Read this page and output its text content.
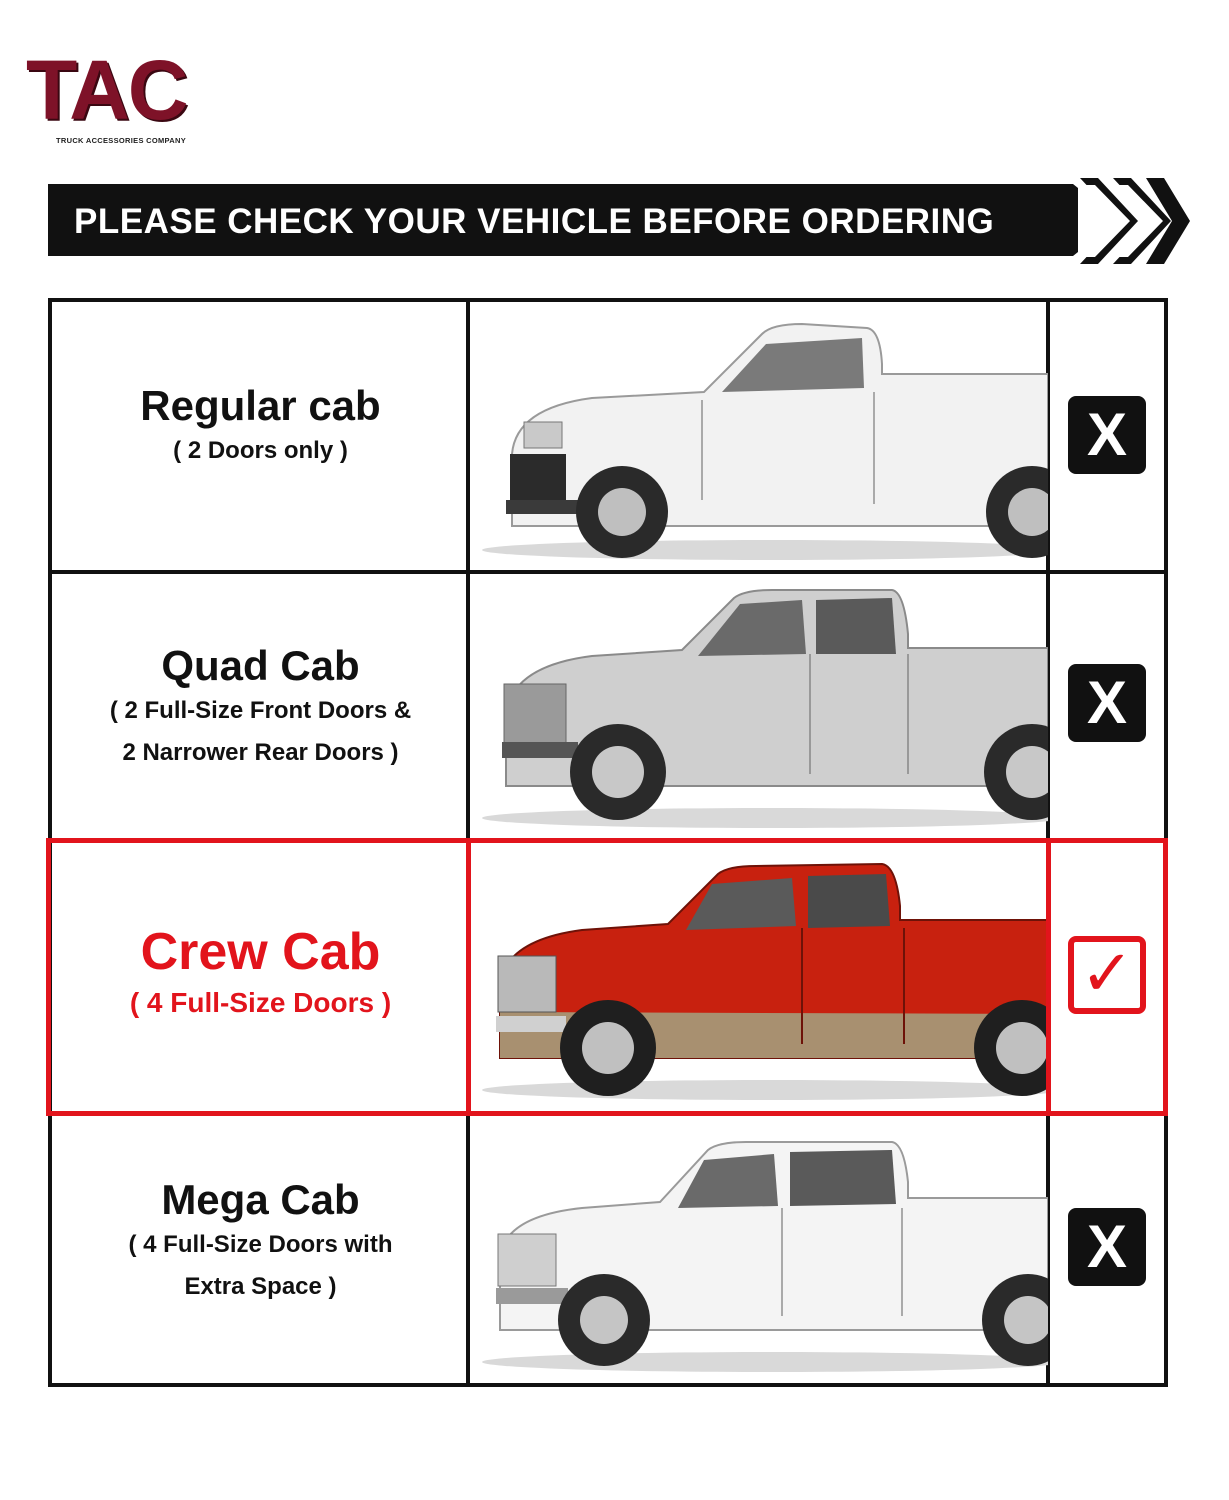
TAC
TRUCK ACCESSORIES COMPANY
PLEASE CHECK YOUR VEHICLE BEFORE ORDERING
Regular cab
( 2 Doors only )	X
Quad Cab
( 2 Full-Size Front Doors &
2 Narrower Rear Doors )
X
Crew Cab
( 4 Full-Size Doors )	✓
Mega Cab
( 4 Full-Size Doors with
Extra Space )
X
